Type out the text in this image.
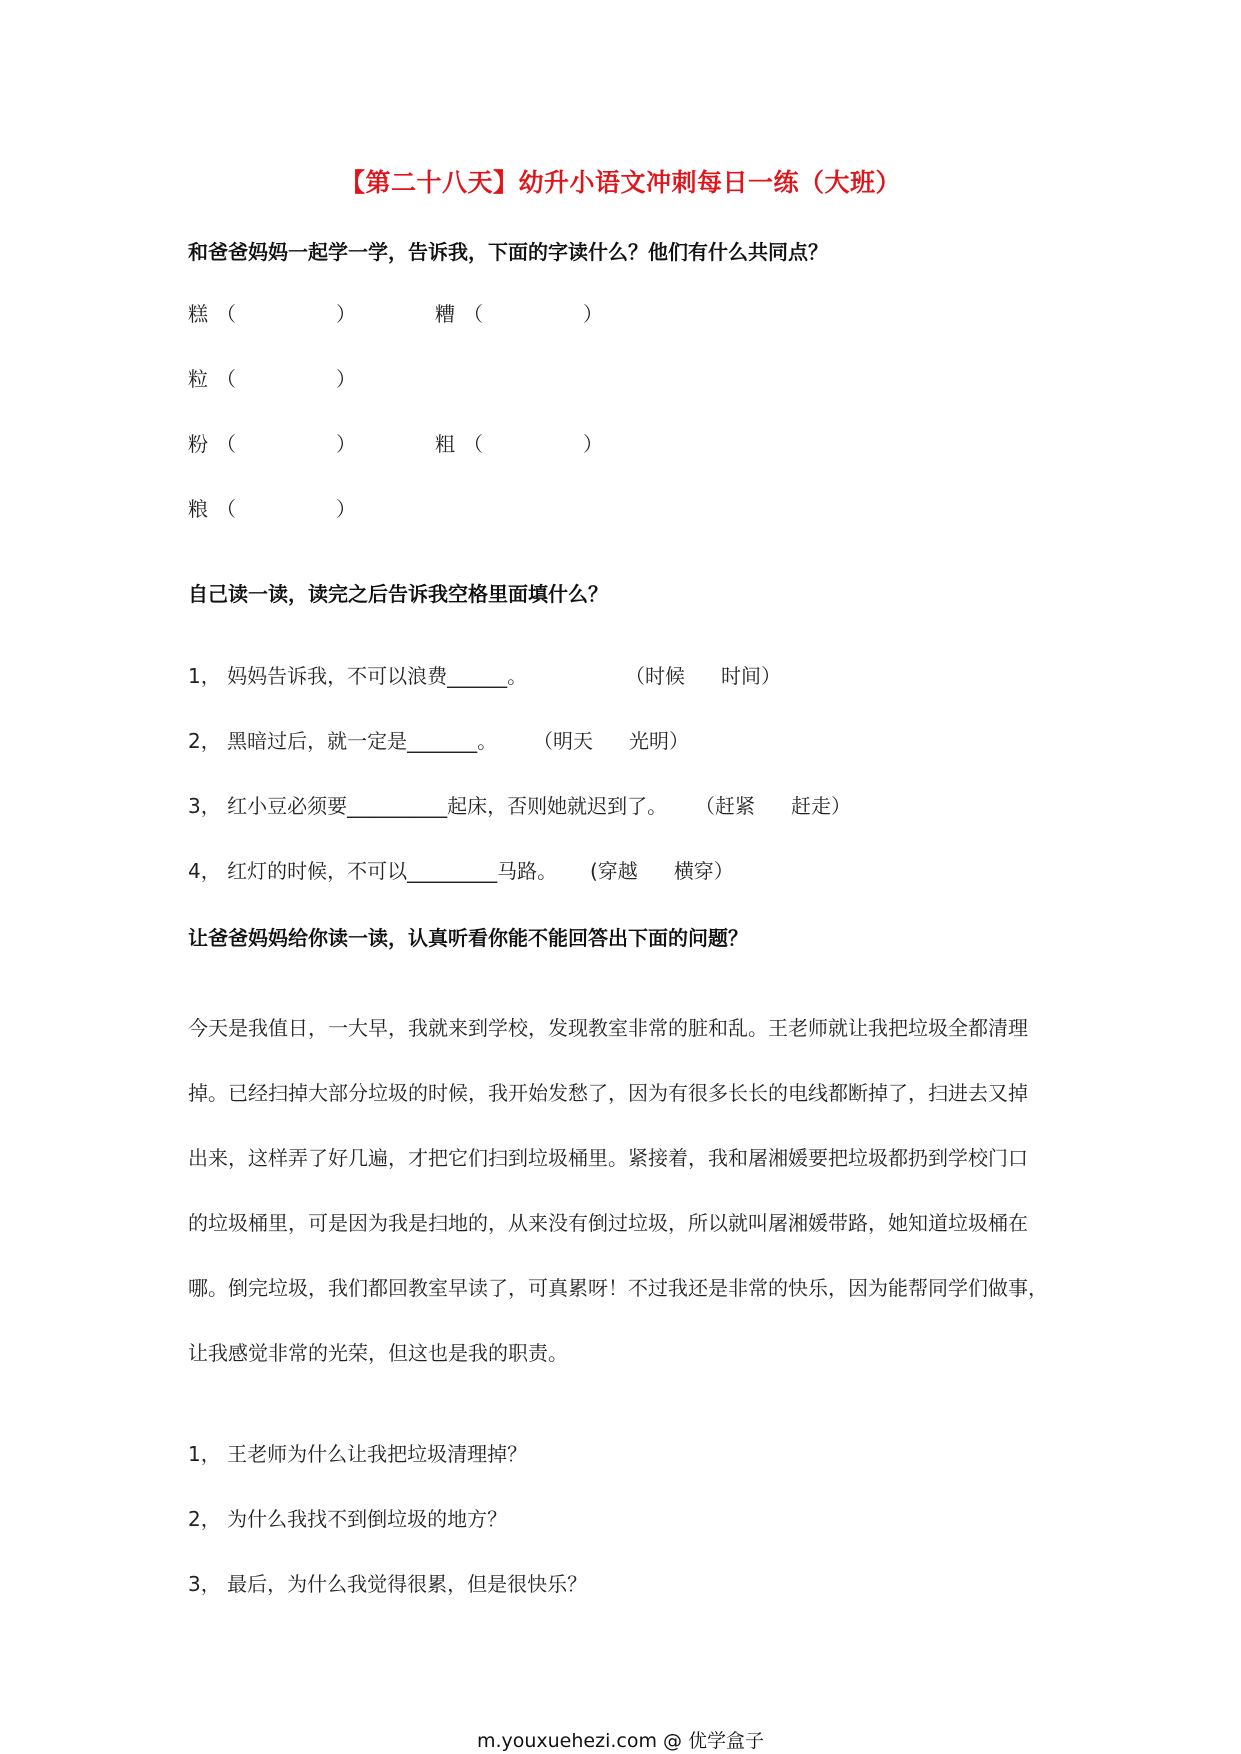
【第二十八天】幼升小语文冲刺每日一练（大班）
和爸爸妈妈一起学一学，告诉我，下面的字读什么？他们有什么共同点？
糕 （	）	糟 （	）
粒 （	）
粉 （	）	粗 （	）
粮 （	）
自己读一读，读完之后告诉我空格里面填什么？
1， 妈妈告诉我，不可以浪费______。	（时候 时间）
2， 黑暗过后，就一定是_______。 （明天 光明）
3， 红小豆必须要__________起床，否则她就迟到了。 （赶紧 赶走）
4， 红灯的时候，不可以_________马路。 (穿越 横穿）
让爸爸妈妈给你读一读，认真听看你能不能回答出下面的问题？

今天是我值日，一大早，我就来到学校，发现教室非常的脏和乱。王老师就让我把垃圾全都清理

掉。已经扫掉大部分垃圾的时候，我开始发愁了，因为有很多长长的电线都断掉了，扫进去又掉

出来，这样弄了好几遍，才把它们扫到垃圾桶里。紧接着，我和屠湘媛要把垃圾都扔到学校门口

的垃圾桶里，可是因为我是扫地的，从来没有倒过垃圾，所以就叫屠湘媛带路，她知道垃圾桶在

哪。倒完垃圾，我们都回教室早读了，可真累呀！不过我还是非常的快乐，因为能帮同学们做事，

让我感觉非常的光荣，但这也是我的职责。

1， 王老师为什么让我把垃圾清理掉？
2， 为什么我找不到倒垃圾的地方？
3， 最后，为什么我觉得很累，但是很快乐？
m.youxuehezi.com @ 优学盒子
